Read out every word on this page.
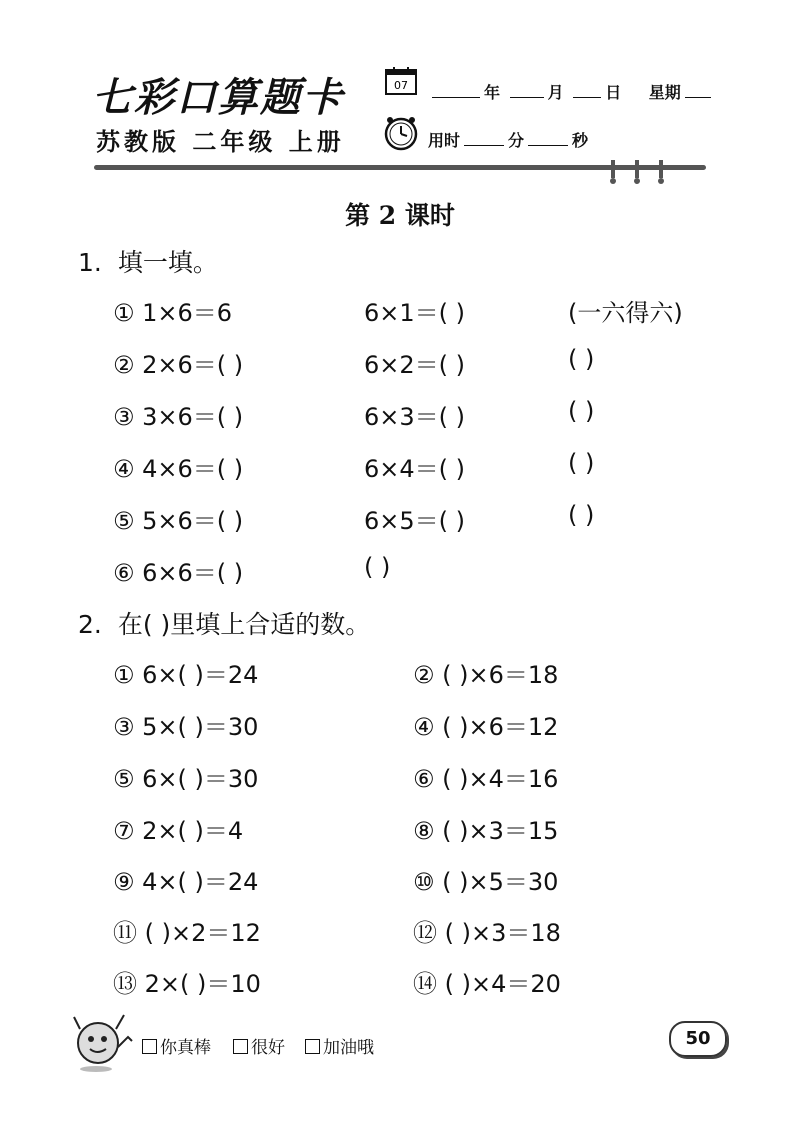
七彩口算题卡
苏教版 二年级 上册
07	年	月	日 星期
用时	分	秒
第 2 课时
1. 填一填。
① 1×6＝6	6×1＝( )	(一六得六)
② 2×6＝( )	6×2＝( )	( )
③ 3×6＝( )	6×3＝( )	( )
④ 4×6＝( )	6×4＝( )	( )
⑤ 5×6＝( )	6×5＝( )	( )
⑥ 6×6＝( )	( )
2. 在( )里填上合适的数。
① 6×( )＝24	② ( )×6＝18
③ 5×( )＝30	④ ( )×6＝12
⑤ 6×( )＝30	⑥ ( )×4＝16
⑦ 2×( )＝4	⑧ ( )×3＝15
⑨ 4×( )＝24	⑩ ( )×5＝30
⑪ ( )×2＝12	⑫ ( )×3＝18
⑬ 2×( )＝10	⑭ ( )×4＝20
你真棒	很好	加油哦	50
